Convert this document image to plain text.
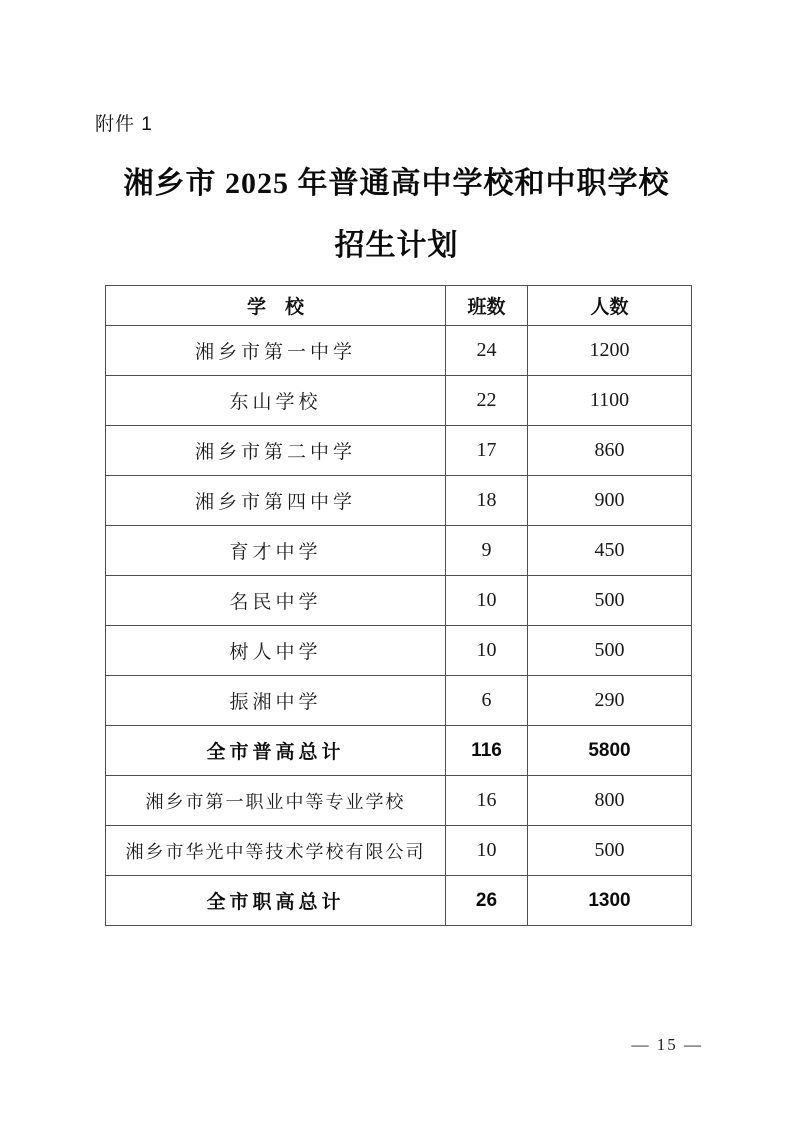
附件 1
湘乡市 2025 年普通高中学校和中职学校
招生计划
学　校	班数	人数
湘乡市第一中学	24	1200
东山学校	22	1100
湘乡市第二中学	17	860
湘乡市第四中学	18	900
育才中学	9	450
名民中学	10	500
树人中学	10	500
振湘中学	6	290
全市普高总计	116	5800
湘乡市第一职业中等专业学校	16	800
湘乡市华光中等技术学校有限公司	10	500
全市职高总计	26	1300
— 15 —
